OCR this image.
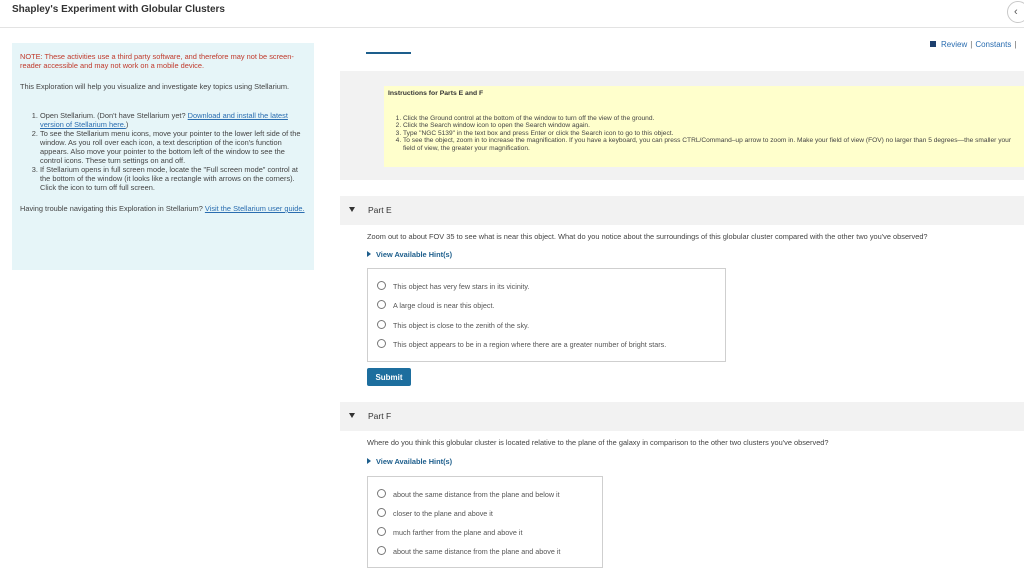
Shapley's Experiment with Globular Clusters	‹

NOTE: These activities use a third party software, and therefore may not be screen-reader accessible and may not work on a mobile device.

This Exploration will help you visualize and investigate key topics using Stellarium.

1. Open Stellarium. (Don't have Stellarium yet? Download and install the latest version of Stellarium here.)
2. To see the Stellarium menu icons, move your pointer to the lower left side of the window. As you roll over each icon, a text description of the icon's function appears. Also move your pointer to the bottom left of the window to see the control icons. These turn settings on and off.
3. If Stellarium opens in full screen mode, locate the "Full screen mode" control at the bottom of the window (it looks like a rectangle with arrows on the corners). Click the icon to turn off full screen.

Having trouble navigating this Exploration in Stellarium? Visit the Stellarium user guide.

Review | Constants |
Instructions for Parts E and F
1. Click the Ground control at the bottom of the window to turn off the view of the ground.
2. Click the Search window icon to open the Search window again.
3. Type "NGC 5139" in the text box and press Enter or click the Search icon to go to this object.
4. To see the object, zoom in to increase the magnification. If you have a keyboard, you can press CTRL/Command–up arrow to zoom in. Make your field of view (FOV) no larger than 5 degrees—the smaller your field of view, the greater your magnification.
Part E
Zoom out to about FOV 35 to see what is near this object. What do you notice about the surroundings of this globular cluster compared with the other two you've observed?
View Available Hint(s)
This object has very few stars in its vicinity.
A large cloud is near this object.
This object is close to the zenith of the sky.
This object appears to be in a region where there are a greater number of bright stars.
Submit
Part F
Where do you think this globular cluster is located relative to the plane of the galaxy in comparison to the other two clusters you've observed?
View Available Hint(s)
about the same distance from the plane and below it
closer to the plane and above it
much farther from the plane and above it
about the same distance from the plane and above it
